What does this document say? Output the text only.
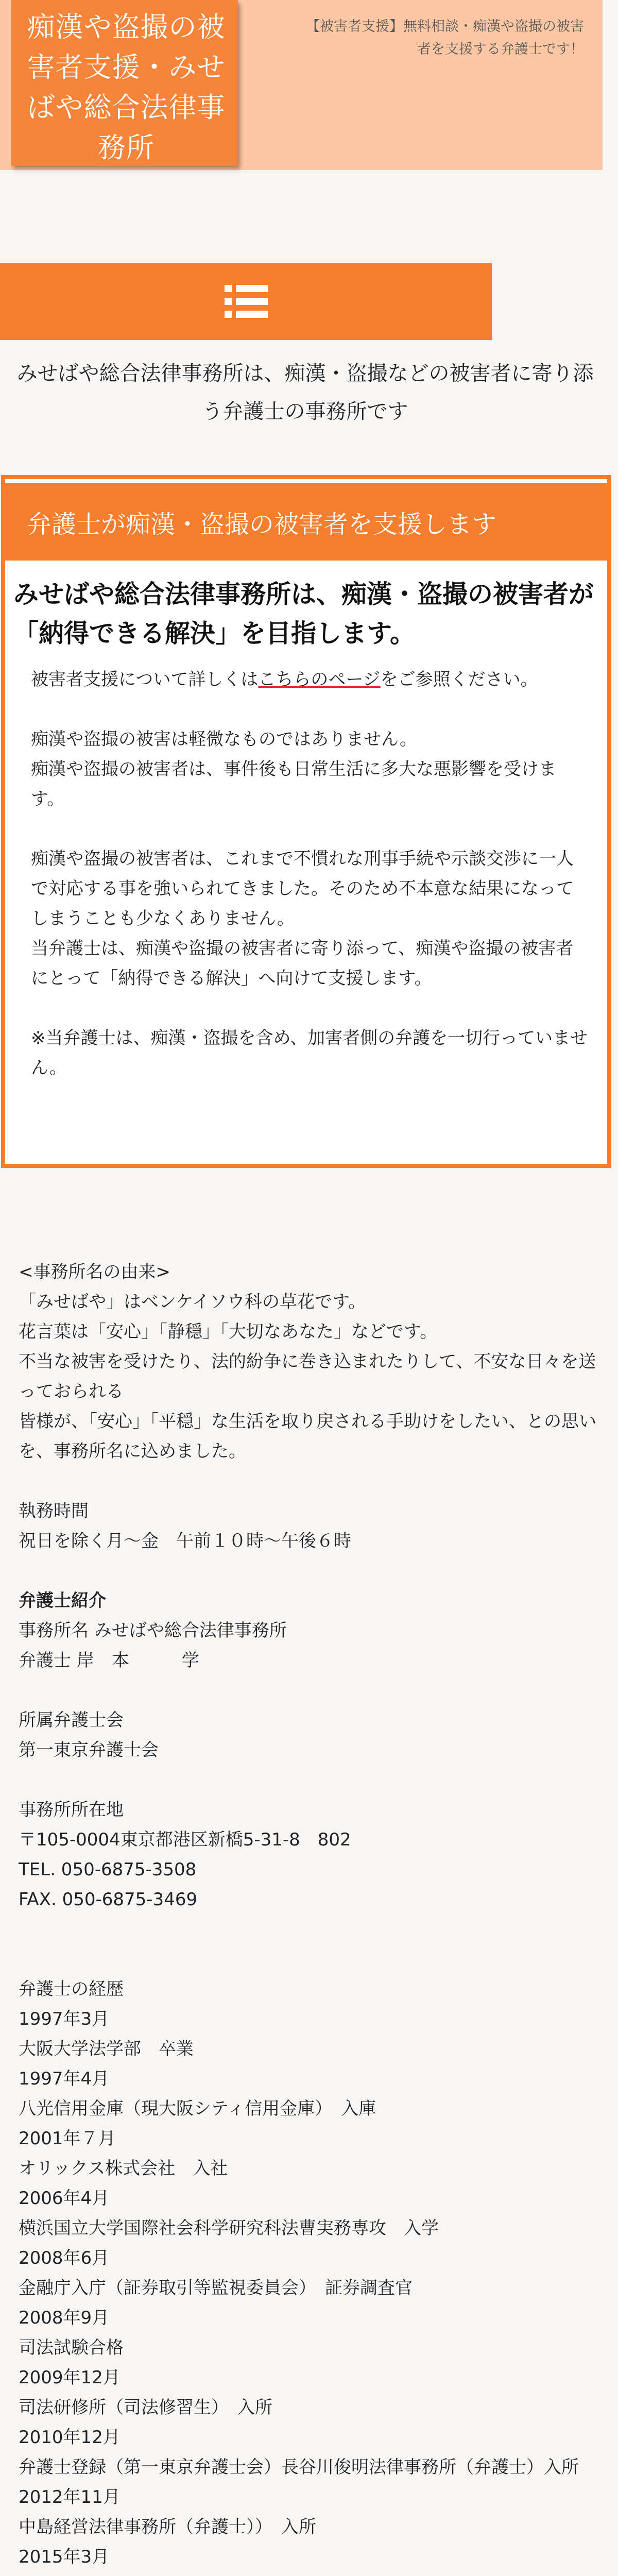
痴漢や盗撮の被害者支援・みせばや総合法律事務所
【被害者支援】無料相談・痴漢や盗撮の被害者を支援する弁護士です！
みせばや総合法律事務所は、痴漢・盗撮などの被害者に寄り添う弁護士の事務所です
弁護士が痴漢・盗撮の被害者を支援します
みせばや総合法律事務所は、痴漢・盗撮の被害者が「納得できる解決」を目指します。

被害者支援について詳しくはこちらのページをご参照ください。

痴漢や盗撮の被害は軽微なものではありません。

痴漢や盗撮の被害者は、事件後も日常生活に多大な悪影響を受けます。

痴漢や盗撮の被害者は、これまで不慣れな刑事手続や示談交渉に一人で対応する事を強いられてきました。そのため不本意な結果になってしまうことも少なくありません。

当弁護士は、痴漢や盗撮の被害者に寄り添って、痴漢や盗撮の被害者にとって「納得できる解決」へ向けて支援します。

※当弁護士は、痴漢・盗撮を含め、加害者側の弁護を一切行っていません。

<事務所名の由来>
「みせばや」はベンケイソウ科の草花です。
花言葉は「安心」「静穏」「大切なあなた」などです。
不当な被害を受けたり、法的紛争に巻き込まれたりして、不安な日々を送っておられる
皆様が、「安心」「平穏」な生活を取り戻される手助けをしたい、との思いを、事務所名に込めました。
執務時間
祝日を除く月〜金　午前１０時〜午後６時
弁護士紹介
事務所名 みせばや総合法律事務所
弁護士 岸　本　　　学
所属弁護士会
第一東京弁護士会
事務所所在地
〒105-0004東京都港区新橋5-31-8　802
TEL. 050-6875-3508
FAX. 050-6875-3469
弁護士の経歴
1997年3月
大阪大学法学部　卒業
1997年4月
八光信用金庫（現大阪シティ信用金庫）　入庫
2001年７月
オリックス株式会社　入社
2006年4月
横浜国立大学国際社会科学研究科法曹実務専攻　入学
2008年6月
金融庁入庁（証券取引等監視委員会）　証券調査官
2008年9月
司法試験合格
2009年12月
司法研修所（司法修習生）　入所
2010年12月
弁護士登録（第一東京弁護士会）長谷川俊明法律事務所（弁護士）入所
2012年11月
中島経営法律事務所（弁護士））　入所
2015年3月
